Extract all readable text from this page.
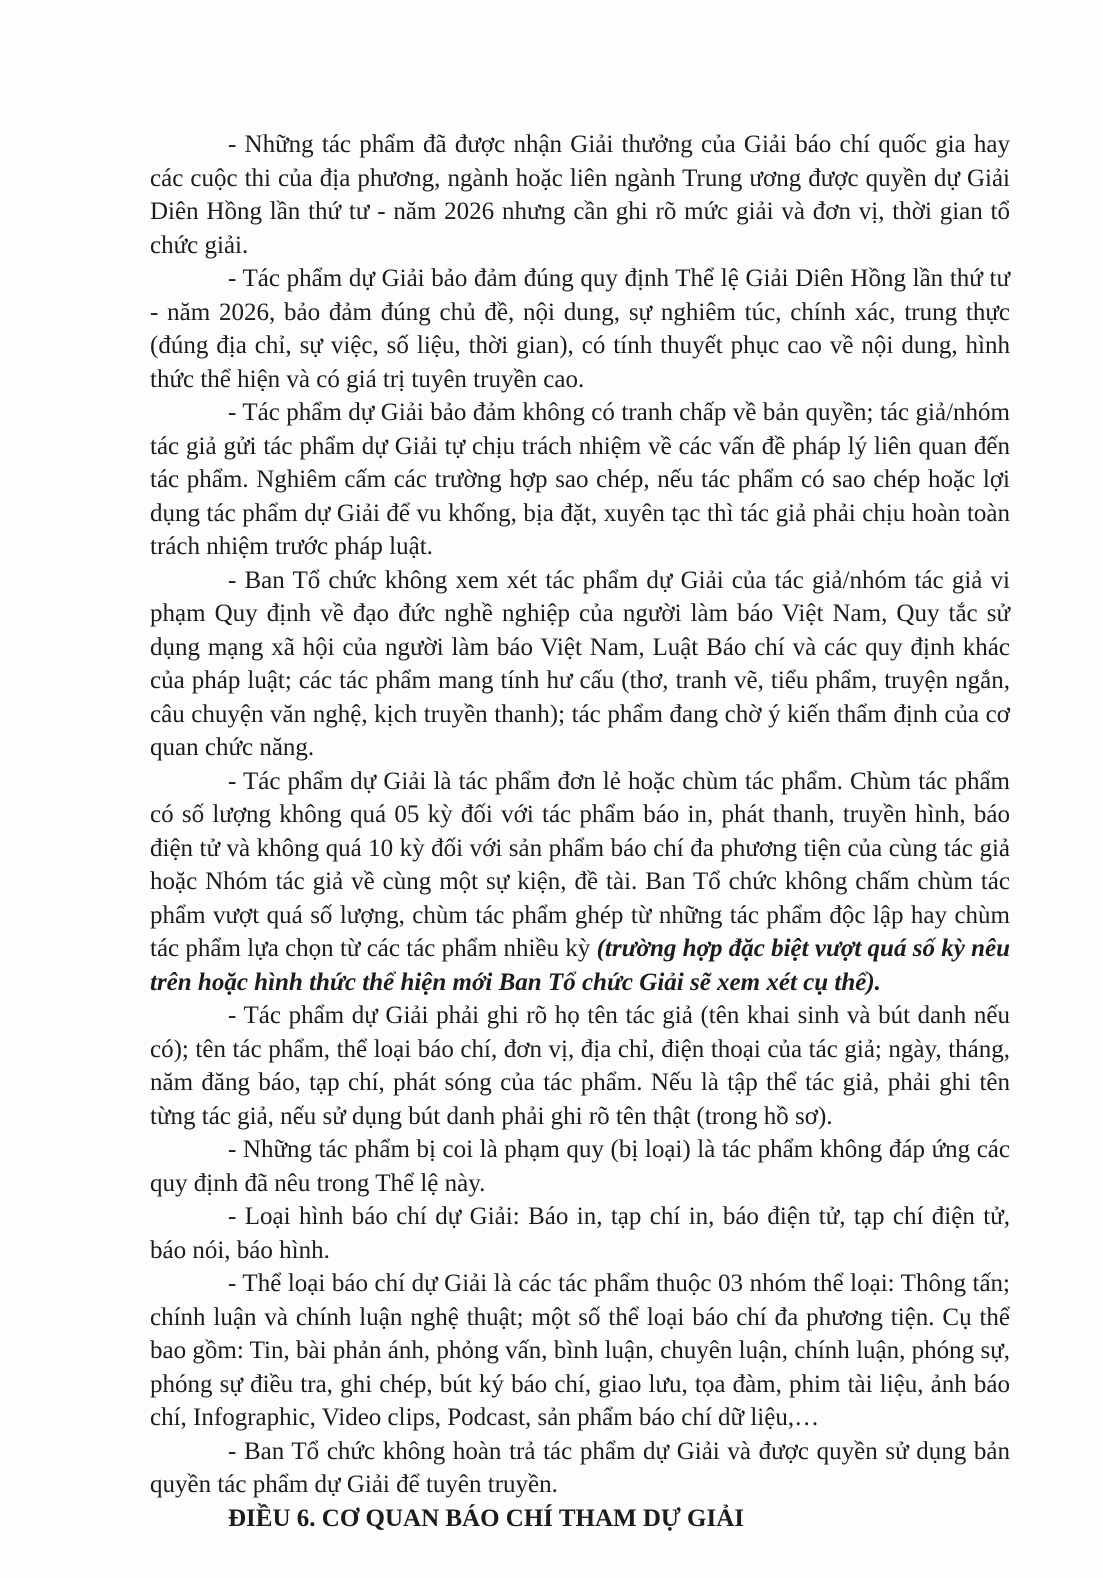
- Những tác phẩm đã được nhận Giải thưởng của Giải báo chí quốc gia hay các cuộc thi của địa phương, ngành hoặc liên ngành Trung ương được quyền dự Giải Diên Hồng lần thứ tư - năm 2026 nhưng cần ghi rõ mức giải và đơn vị, thời gian tổ chức giải.

- Tác phẩm dự Giải bảo đảm đúng quy định Thể lệ Giải Diên Hồng lần thứ tư - năm 2026, bảo đảm đúng chủ đề, nội dung, sự nghiêm túc, chính xác, trung thực (đúng địa chỉ, sự việc, số liệu, thời gian), có tính thuyết phục cao về nội dung, hình thức thể hiện và có giá trị tuyên truyền cao.

- Tác phẩm dự Giải bảo đảm không có tranh chấp về bản quyền; tác giả/nhóm tác giả gửi tác phẩm dự Giải tự chịu trách nhiệm về các vấn đề pháp lý liên quan đến tác phẩm. Nghiêm cấm các trường hợp sao chép, nếu tác phẩm có sao chép hoặc lợi dụng tác phẩm dự Giải để vu khống, bịa đặt, xuyên tạc thì tác giả phải chịu hoàn toàn trách nhiệm trước pháp luật.

- Ban Tổ chức không xem xét tác phẩm dự Giải của tác giả/nhóm tác giả vi phạm Quy định về đạo đức nghề nghiệp của người làm báo Việt Nam, Quy tắc sử dụng mạng xã hội của người làm báo Việt Nam, Luật Báo chí và các quy định khác của pháp luật; các tác phẩm mang tính hư cấu (thơ, tranh vẽ, tiểu phẩm, truyện ngắn, câu chuyện văn nghệ, kịch truyền thanh); tác phẩm đang chờ ý kiến thẩm định của cơ quan chức năng.

- Tác phẩm dự Giải là tác phẩm đơn lẻ hoặc chùm tác phẩm. Chùm tác phẩm có số lượng không quá 05 kỳ đối với tác phẩm báo in, phát thanh, truyền hình, báo điện tử và không quá 10 kỳ đối với sản phẩm báo chí đa phương tiện của cùng tác giả hoặc Nhóm tác giả về cùng một sự kiện, đề tài. Ban Tổ chức không chấm chùm tác phẩm vượt quá số lượng, chùm tác phẩm ghép từ những tác phẩm độc lập hay chùm tác phẩm lựa chọn từ các tác phẩm nhiều kỳ (trường hợp đặc biệt vượt quá số kỳ nêu trên hoặc hình thức thể hiện mới Ban Tổ chức Giải sẽ xem xét cụ thể).

- Tác phẩm dự Giải phải ghi rõ họ tên tác giả (tên khai sinh và bút danh nếu có); tên tác phẩm, thể loại báo chí, đơn vị, địa chỉ, điện thoại của tác giả; ngày, tháng, năm đăng báo, tạp chí, phát sóng của tác phẩm. Nếu là tập thể tác giả, phải ghi tên từng tác giả, nếu sử dụng bút danh phải ghi rõ tên thật (trong hồ sơ).

- Những tác phẩm bị coi là phạm quy (bị loại) là tác phẩm không đáp ứng các quy định đã nêu trong Thể lệ này.

- Loại hình báo chí dự Giải: Báo in, tạp chí in, báo điện tử, tạp chí điện tử, báo nói, báo hình.

- Thể loại báo chí dự Giải là các tác phẩm thuộc 03 nhóm thể loại: Thông tấn; chính luận và chính luận nghệ thuật; một số thể loại báo chí đa phương tiện. Cụ thể bao gồm: Tin, bài phản ánh, phỏng vấn, bình luận, chuyên luận, chính luận, phóng sự, phóng sự điều tra, ghi chép, bút ký báo chí, giao lưu, tọa đàm, phim tài liệu, ảnh báo chí, Infographic, Video clips, Podcast, sản phẩm báo chí dữ liệu,…

- Ban Tổ chức không hoàn trả tác phẩm dự Giải và được quyền sử dụng bản quyền tác phẩm dự Giải để tuyên truyền.

ĐIỀU 6. CƠ QUAN BÁO CHÍ THAM DỰ GIẢI
